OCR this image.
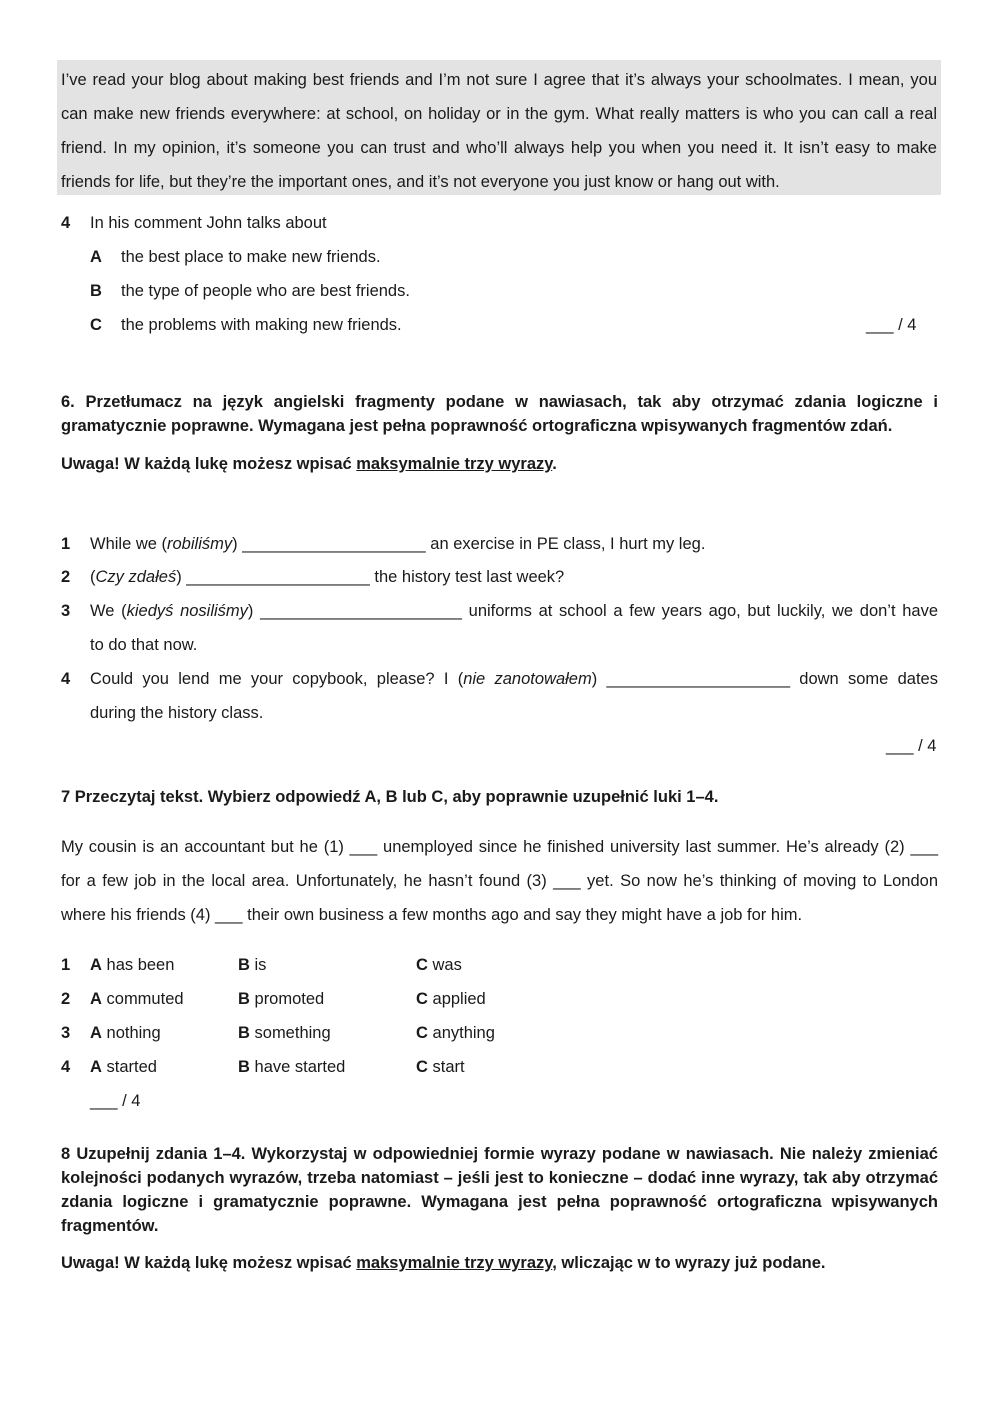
I’ve read your blog about making best friends and I’m not sure I agree that it’s always your schoolmates. I mean, you
can make new friends everywhere: at school, on holiday or in the gym. What really matters is who you can call a real
friend. In my opinion, it’s someone you can trust and who’ll always help you when you need it. It isn’t easy to make
friends for life, but they’re the important ones, and it’s not everyone you just know or hang out with.
4 In his comment John talks about
A the best place to make new friends.
B the type of people who are best friends.
C the problems with making new friends.	___ / 4
6. Przetłumacz na język angielski fragmenty podane w nawiasach, tak aby otrzymać zdania logiczne i gramatycznie poprawne. Wymagana jest pełna poprawność ortograficzna wpisywanych fragmentów zdań.
Uwaga! W każdą lukę możesz wpisać maksymalnie trzy wyrazy.
1 While we (robiliśmy) ____________________ an exercise in PE class, I hurt my leg.
2 (Czy zdałeś) ____________________ the history test last week?
3 We (kiedyś nosiliśmy) ______________________ uniforms at school a few years ago, but luckily, we don’t have
to do that now.
4 Could you lend me your copybook, please? I (nie zanotowałem) ____________________ down some dates
during the history class.
___ / 4
7 Przeczytaj tekst. Wybierz odpowiedź A, B lub C, aby poprawnie uzupełnić luki 1–4.
My cousin is an accountant but he (1) ___ unemployed since he finished university last summer. He’s already (2) ___
for a few job in the local area. Unfortunately, he hasn’t found (3) ___ yet. So now he’s thinking of moving to London
where his friends (4) ___ their own business a few months ago and say they might have a job for him.
1 A has been	B is	C was
2 A commuted	B promoted	C applied
3 A nothing	B something	C anything
4 A started	B have started	C start
___ / 4
8 Uzupełnij zdania 1–4. Wykorzystaj w odpowiedniej formie wyrazy podane w nawiasach. Nie należy zmieniać kolejności podanych wyrazów, trzeba natomiast – jeśli jest to konieczne – dodać inne wyrazy, tak aby otrzymać zdania logiczne i gramatycznie poprawne. Wymagana jest pełna poprawność ortograficzna wpisywanych fragmentów.
Uwaga! W każdą lukę możesz wpisać maksymalnie trzy wyrazy, wliczając w to wyrazy już podane.
